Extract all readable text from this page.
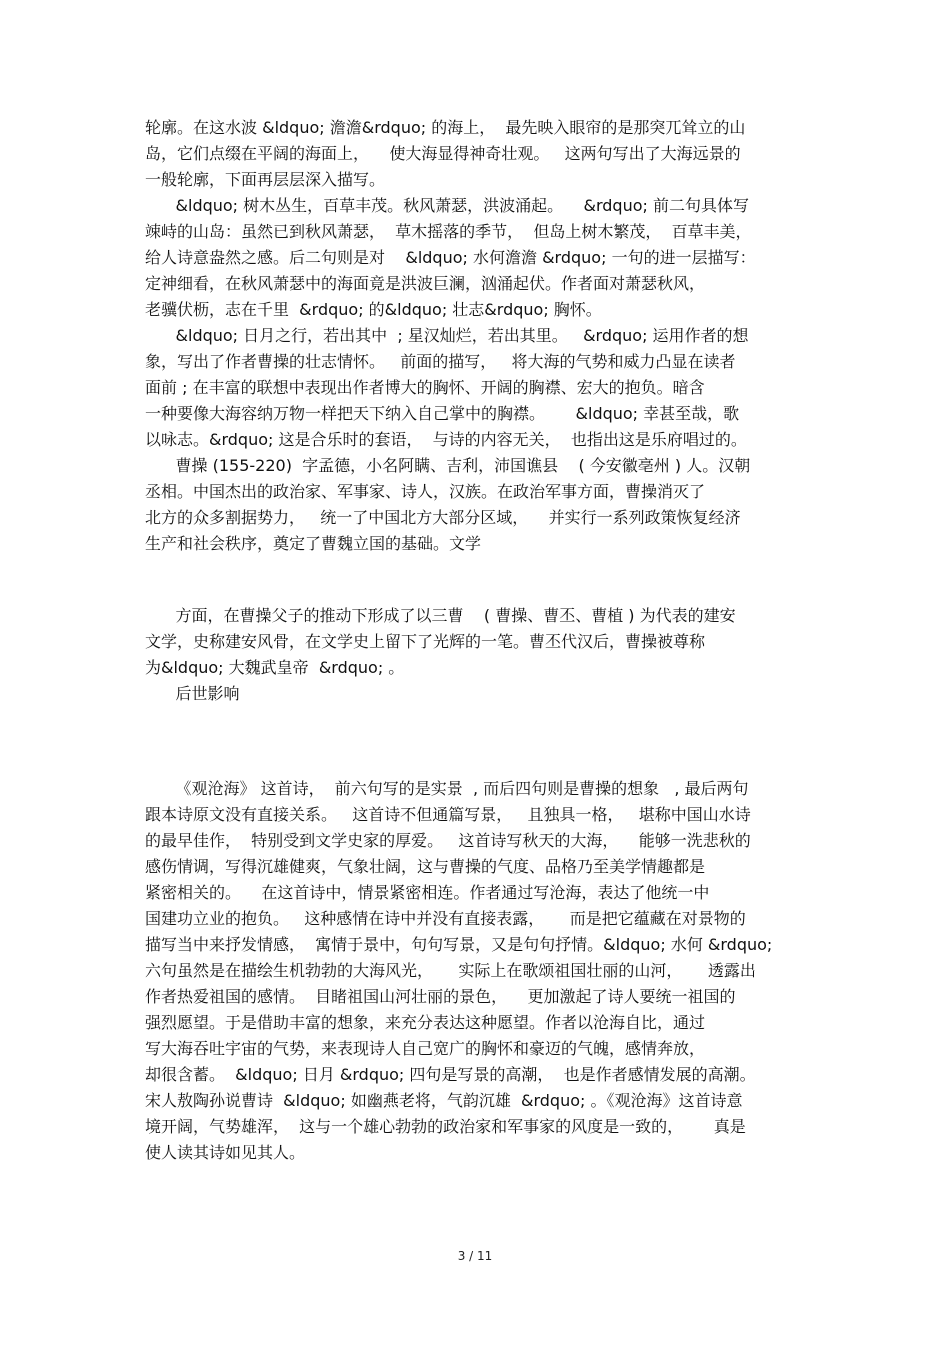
轮廓。在这水波 &ldquo; 澹澹&rdquo; 的海上，  最先映入眼帘的是那突兀耸立的山
岛，它们点缀在平阔的海面上，    使大海显得神奇壮观。   这两句写出了大海远景的
一般轮廓，下面再层层深入描写。
&ldquo; 树木丛生，百草丰茂。秋风萧瑟，洪波涌起。    &rdquo; 前二句具体写
竦峙的山岛：虽然已到秋风萧瑟，  草木摇落的季节，  但岛上树木繁茂，  百草丰美，
给人诗意盎然之感。后二句则是对    &ldquo; 水何澹澹 &rdquo; 一句的进一层描写：
定神细看，在秋风萧瑟中的海面竟是洪波巨澜，汹涌起伏。作者面对萧瑟秋风，
老骥伏枥，志在千里  &rdquo; 的&ldquo; 壮志&rdquo; 胸怀。
&ldquo; 日月之行，若出其中  ; 星汉灿烂，若出其里。   &rdquo; 运用作者的想
象，写出了作者曹操的壮志情怀。   前面的描写，   将大海的气势和威力凸显在读者
面前 ; 在丰富的联想中表现出作者博大的胸怀、开阔的胸襟、宏大的抱负。暗含
一种要像大海容纳万物一样把天下纳入自己掌中的胸襟。      &ldquo; 幸甚至哉，歌
以咏志。&rdquo; 这是合乐时的套语，  与诗的内容无关，  也指出这是乐府唱过的。
曹操 (155-220)  字孟德，小名阿瞒、吉利，沛国谯县    ( 今安徽亳州 ) 人。汉朝
丞相。中国杰出的政治家、军事家、诗人，汉族。在政治军事方面，曹操消灭了
北方的众多割据势力，   统一了中国北方大部分区域，    并实行一系列政策恢复经济
生产和社会秩序，奠定了曹魏立国的基础。文学
方面，在曹操父子的推动下形成了以三曹    ( 曹操、曹丕、曹植 ) 为代表的建安
文学，史称建安风骨，在文学史上留下了光辉的一笔。曹丕代汉后，曹操被尊称
为&ldquo; 大魏武皇帝  &rdquo; 。
后世影响
《观沧海》 这首诗，  前六句写的是实景  , 而后四句则是曹操的想象   , 最后两句
跟本诗原文没有直接关系。   这首诗不但通篇写景，   且独具一格，   堪称中国山水诗
的最早佳作，  特别受到文学史家的厚爱。   这首诗写秋天的大海，    能够一洗悲秋的
感伤情调，写得沉雄健爽，气象壮阔，这与曹操的气度、品格乃至美学情趣都是
紧密相关的。    在这首诗中，情景紧密相连。作者通过写沧海，表达了他统一中
国建功立业的抱负。   这种感情在诗中并没有直接表露，     而是把它蕴藏在对景物的
描写当中来抒发情感，  寓情于景中，句句写景，又是句句抒情。&ldquo; 水何 &rdquo;
六句虽然是在描绘生机勃勃的大海风光，     实际上在歌颂祖国壮丽的山河，     透露出
作者热爱祖国的感情。  目睹祖国山河壮丽的景色，    更加激起了诗人要统一祖国的
强烈愿望。于是借助丰富的想象，来充分表达这种愿望。作者以沧海自比，通过
写大海吞吐宇宙的气势，来表现诗人自己宽广的胸怀和豪迈的气魄，感情奔放，
却很含蓄。  &ldquo; 日月 &rdquo; 四句是写景的高潮，  也是作者感情发展的高潮。
宋人敖陶孙说曹诗  &ldquo; 如幽燕老将，气韵沉雄  &rdquo; 。《观沧海》这首诗意
境开阔，气势雄浑，  这与一个雄心勃勃的政治家和军事家的风度是一致的，      真是
使人读其诗如见其人。
3 / 11
